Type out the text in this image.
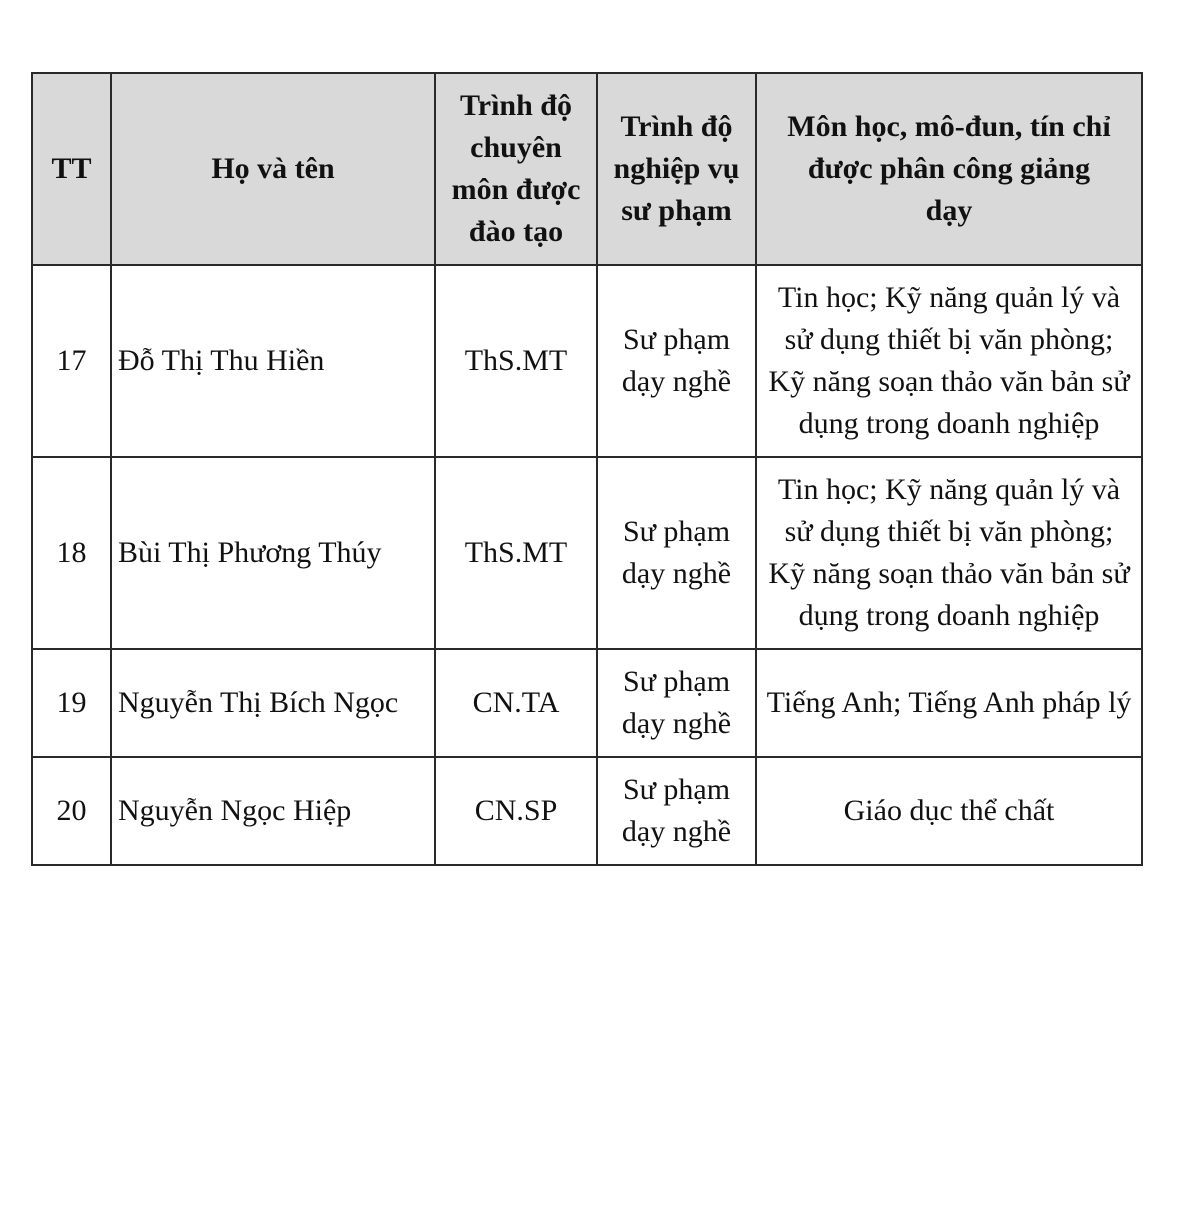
TT	Họ và tên	Trình độ chuyên môn được đào tạo	Trình độ nghiệp vụ sư phạm	Môn học, mô-đun, tín chỉ được phân công giảng dạy
17	Đỗ Thị Thu Hiền	ThS.MT	Sư phạm dạy nghề	Tin học; Kỹ năng quản lý và sử dụng thiết bị văn phòng; Kỹ năng soạn thảo văn bản sử dụng trong doanh nghiệp
18	Bùi Thị Phương Thúy	ThS.MT	Sư phạm dạy nghề	Tin học; Kỹ năng quản lý và sử dụng thiết bị văn phòng; Kỹ năng soạn thảo văn bản sử dụng trong doanh nghiệp
19	Nguyễn Thị Bích Ngọc	CN.TA	Sư phạm dạy nghề	Tiếng Anh; Tiếng Anh pháp lý
20	Nguyễn Ngọc Hiệp	CN.SP	Sư phạm dạy nghề	Giáo dục thể chất
